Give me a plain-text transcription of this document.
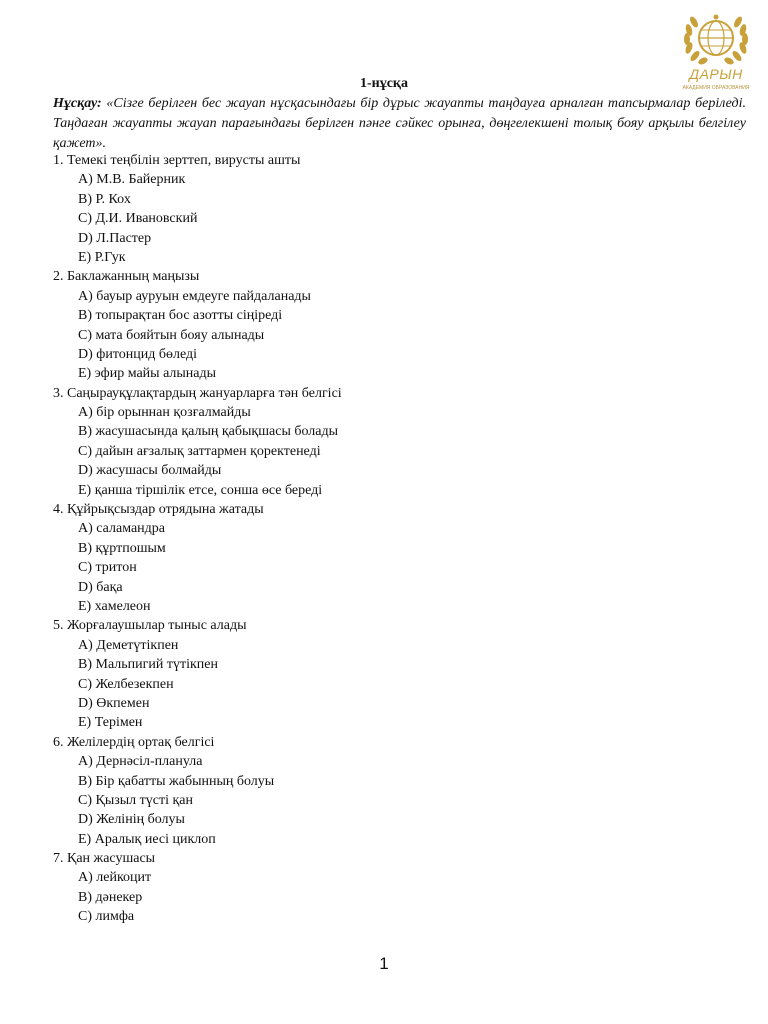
ДАРЫН
АКАДЕМИЯ ОБРАЗОВАНИЯ
1-нұсқа
Нұсқау: «Сізге берілген бес жауап нұсқасындағы бір дұрыс жауапты таңдауға арналған тапсырмалар беріледі. Таңдаған жауапты жауап парағындағы берілген пәнге сәйкес орынға, дөңгелекшені толық бояу арқылы белгілеу қажет».
1. Темекі теңбілін зерттеп, вирусты ашты
A) М.В. Байерник
B) Р. Кох
C) Д.И. Ивановский
D) Л.Пастер
E) Р.Гук
2. Баклажанның маңызы
A) бауыр ауруын емдеуге пайдаланады
B) топырақтан бос азотты сіңіреді
C) мата бояйтын бояу алынады
D) фитонцид бөледі
E) эфир майы алынады
3. Саңырауқұлақтардың жануарларға тән белгісі
A) бір орыннан қозғалмайды
B) жасушасында қалың қабықшасы болады
C) дайын ағзалық заттармен қоректенеді
D) жасушасы болмайды
E) қанша тіршілік етсе, сонша өсе береді
4. Құйрықсыздар отрядына жатады
A) саламандра
B) құртпошым
C) тритон
D) бақа
E) хамелеон
5. Жорғалаушылар тыныс алады
A) Деметүтікпен
B) Мальпигий түтікпен
C) Желбезекпен
D) Өкпемен
E) Терімен
6. Желілердің ортақ белгісі
A) Дернәсіл-планула
B) Бір қабатты жабынның болуы
C) Қызыл түсті қан
D) Желінің болуы
E) Аралық иесі циклоп
7. Қан жасушасы
A) лейкоцит
B) дәнекер
C) лимфа
1
